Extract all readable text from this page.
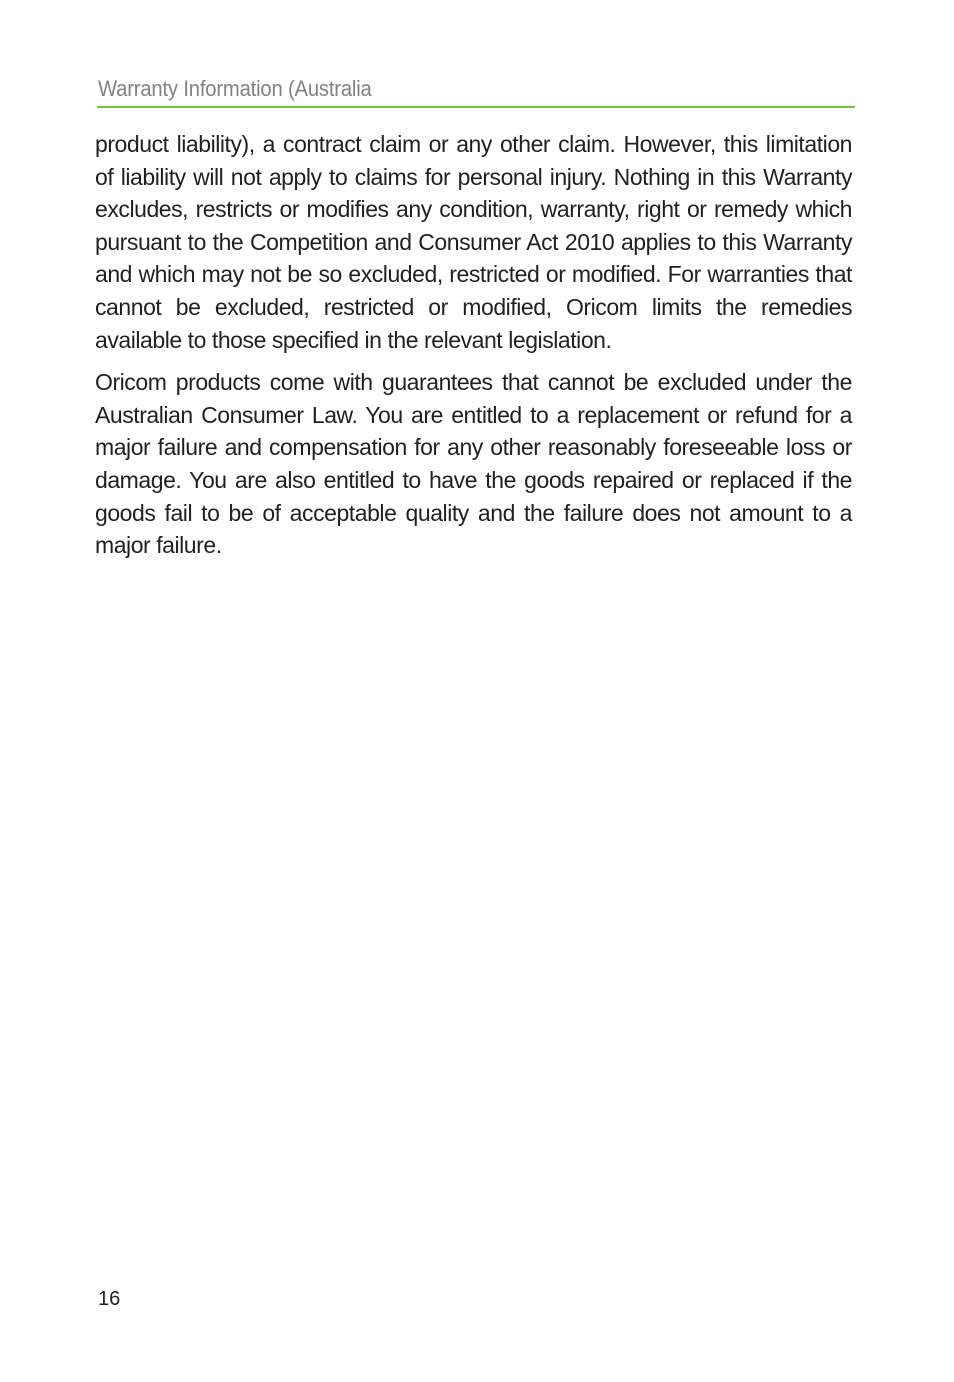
Warranty Information (Australia

product liability), a contract claim or any other claim. However, this limitation of liability will not apply to claims for personal injury. Nothing in this Warranty excludes, restricts or modifies any condition, warranty, right or remedy which pursuant to the Competition and Consumer Act 2010 applies to this Warranty and which may not be so excluded, restricted or modified. For warranties that cannot be excluded, restricted or modified, Oricom limits the remedies available to those specified in the relevant legislation.

Oricom products come with guarantees that cannot be excluded under the Australian Consumer Law. You are entitled to a replacement or refund for a major failure and compensation for any other reasonably foreseeable loss or damage. You are also entitled to have the goods repaired or replaced if the goods fail to be of acceptable quality and the failure does not amount to a major failure.

16
